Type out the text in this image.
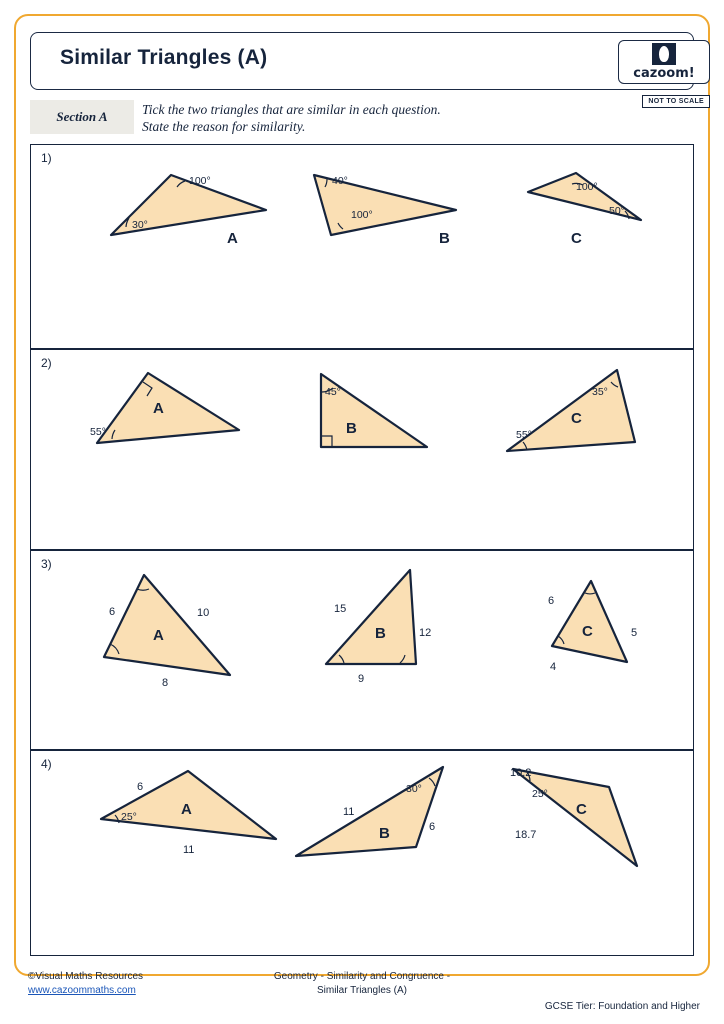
Similar Triangles (A)
cazoom!
NOT TO SCALE
Section A	Tick the two triangles that are similar in each question.
State the reason for similarity.
1)
100°
30°
A
40°
100°
B
100°
50°
C
2)
55°
A
45°
B
35°
55°
C
3)
6	10
8
A
15
12
9
B
6
5
4
C
4)
6
25°
11
A	11
30°
6
B
10.2
25°
18.7
C
©Visual Maths Resources
www.cazoommaths.com
Geometry - Similarity and Congruence -
Similar Triangles (A)
GCSE Tier: Foundation and Higher
